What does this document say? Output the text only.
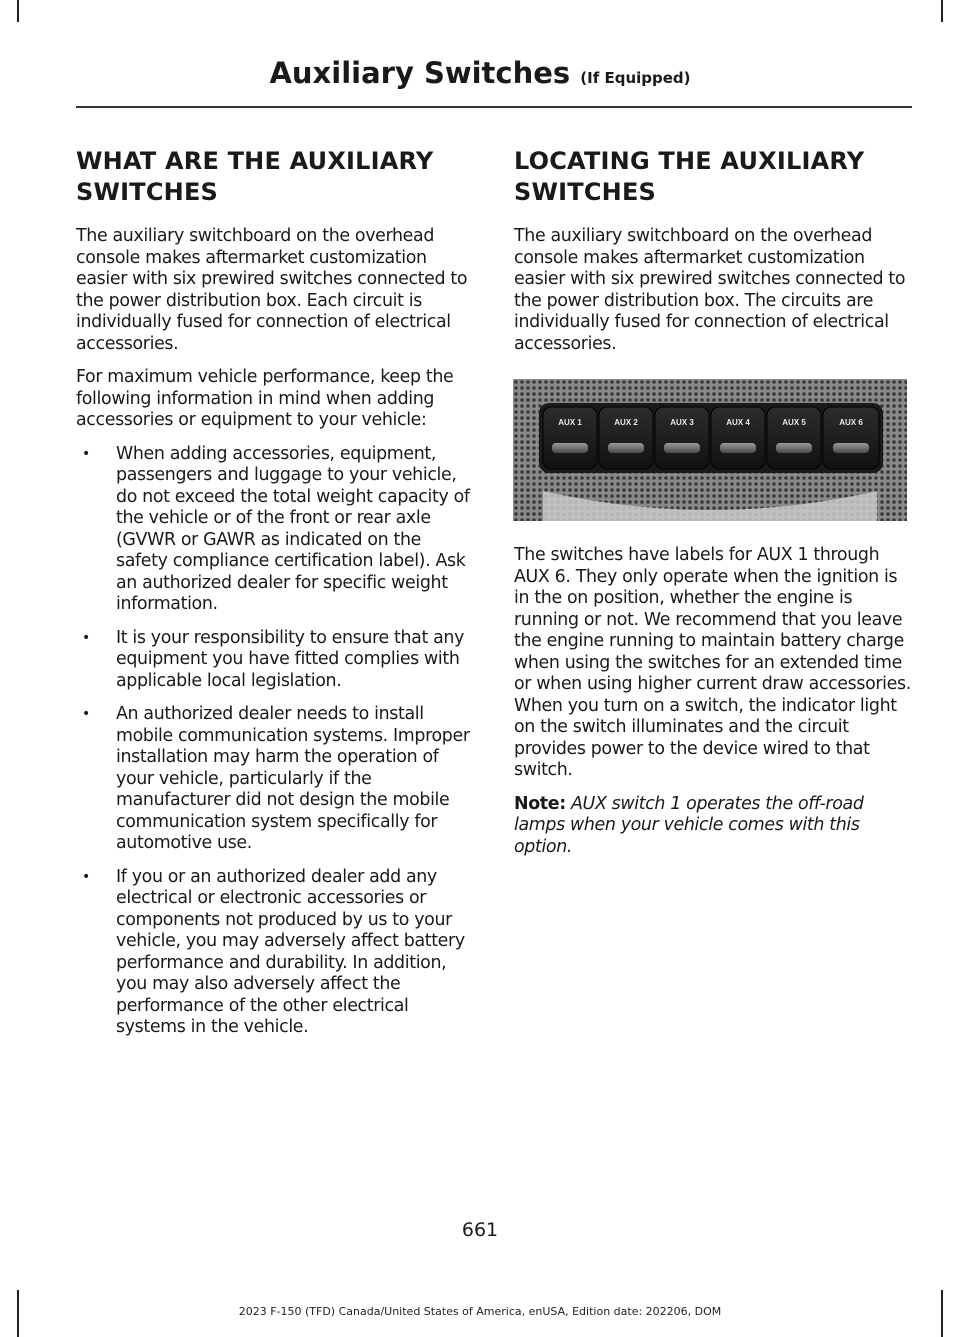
Auxiliary Switches (If Equipped)
WHAT ARE THE AUXILIARY
SWITCHES

The auxiliary switchboard on the overhead console makes aftermarket customization easier with six prewired switches connected to the power distribution box. Each circuit is individually fused for connection of electrical accessories.

For maximum vehicle performance, keep the following information in mind when adding accessories or equipment to your vehicle:

• When adding accessories, equipment, passengers and luggage to your vehicle, do not exceed the total weight capacity of the vehicle or of the front or rear axle (GVWR or GAWR as indicated on the safety compliance certification label). Ask an authorized dealer for specific weight information.
• It is your responsibility to ensure that any equipment you have fitted complies with applicable local legislation.
• An authorized dealer needs to install mobile communication systems. Improper installation may harm the operation of your vehicle, particularly if the manufacturer did not design the mobile communication system specifically for automotive use.
• If you or an authorized dealer add any electrical or electronic accessories or components not produced by us to your vehicle, you may adversely affect battery performance and durability. In addition, you may also adversely affect the performance of the other electrical systems in the vehicle.
LOCATING THE AUXILIARY
SWITCHES

The auxiliary switchboard on the overhead console makes aftermarket customization easier with six prewired switches connected to the power distribution box. The circuits are individually fused for connection of electrical accessories.

AUX 1	AUX 2	AUX 3	AUX 4	AUX 5	AUX 6

The switches have labels for AUX 1 through AUX 6. They only operate when the ignition is in the on position, whether the engine is running or not. We recommend that you leave the engine running to maintain battery charge when using the switches for an extended time or when using higher current draw accessories. When you turn on a switch, the indicator light on the switch illuminates and the circuit provides power to the device wired to that switch.

Note: AUX switch 1 operates the off-road lamps when your vehicle comes with this option.

661
2023 F-150 (TFD) Canada/United States of America, enUSA, Edition date: 202206, DOM
